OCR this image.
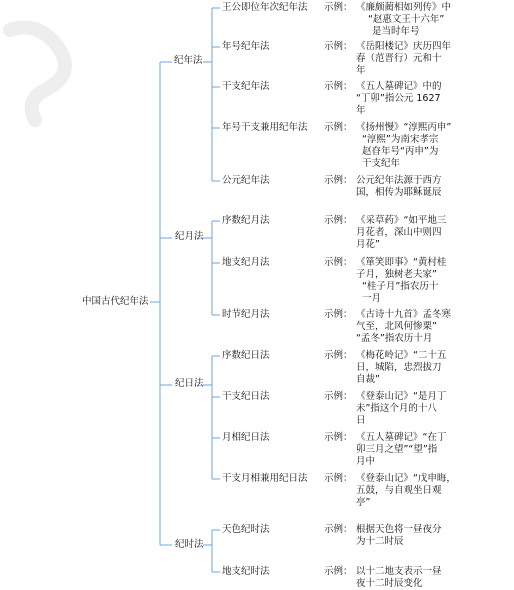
中国古代纪年法
纪年法
纪月法
纪日法
纪时法
王公即位年次纪年法
年号纪年法
干支纪年法
年号干支兼用纪年法
公元纪年法
序数纪月法
地支纪月法
时节纪月法
序数纪日法
干支纪日法
月相纪日法
干支月相兼用纪日法
天色纪时法
地支纪时法
示例： 《廉颇蔺相如列传》中
“赵惠文王十六年”
是当时年号
示例： 《岳阳楼记》庆历四年
春（范晋行）元和十
年
示例： 《五人墓碑记》中的
“丁卯”指公元 1627
年
示例： 《扬州慢》“淳熙丙申”
“淳熙”为南宋孝宗
赵昚年号“丙申”为
干支纪年
示例： 公元纪年法源于西方
国，相传为耶稣诞辰
示例： 《采草药》“如平地三
月花者，深山中则四
月花”
示例： 《箪笑即事》“黄村桂
子月，独树老夫家”
“桂子月”指农历十
一月
示例： 《古诗十九首》孟冬寒
气至，北风何惨栗”
“孟冬”指农历十月
示例： 《梅花岭记》“二十五
日，城陷，忠烈拔刀
自裁”
示例： 《登泰山记》“是月丁
未”指这个月的十八
日
示例： 《五人墓碑记》“在丁
卯三月之望”“望”指
月中
示例： 《登泰山记》“戊申晦，
五鼓，与自观坐日观
亭”
示例： 根据天色将一昼夜分
为十二时辰
示例： 以十二地支表示一昼
夜十二时辰变化
